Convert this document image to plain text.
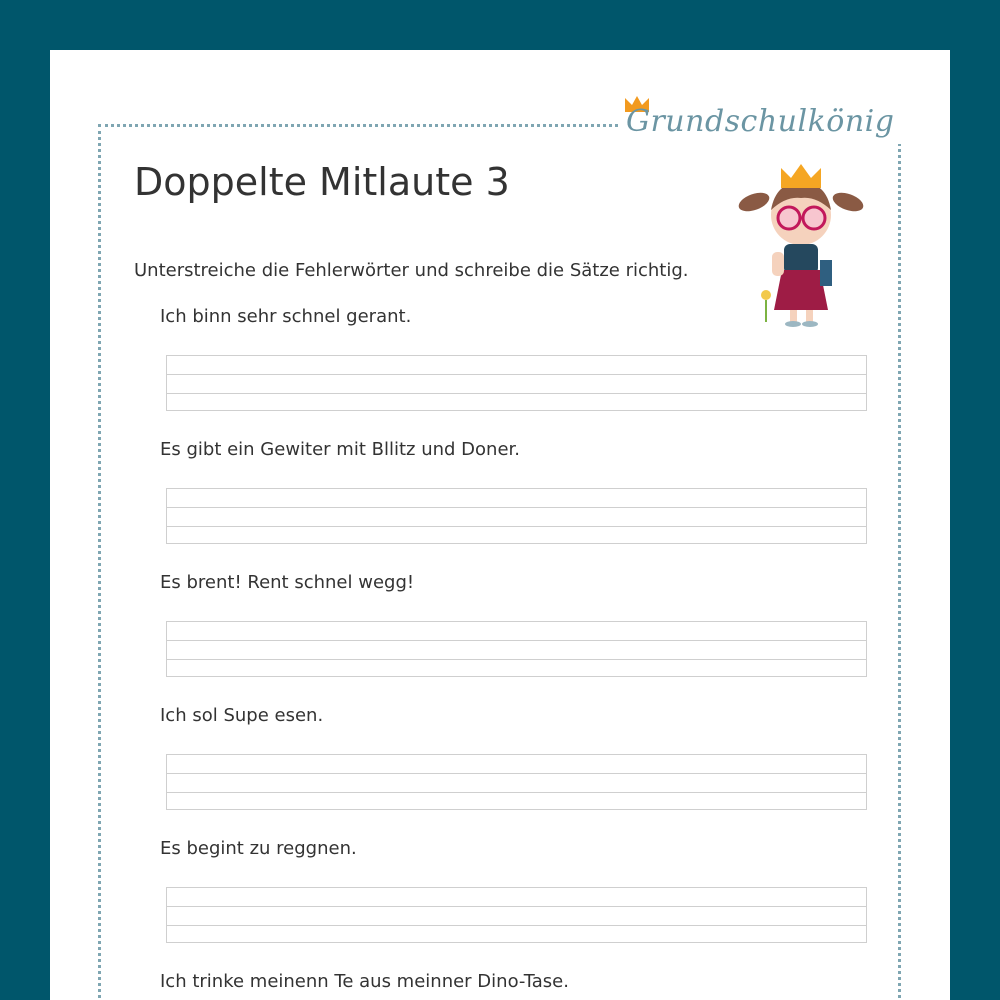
Grundschulkönig
Doppelte Mitlaute 3
Unterstreiche die Fehlerwörter und schreibe die Sätze richtig.
Ich binn sehr schnel gerant.
Es gibt ein Gewiter mit Bllitz und Doner.
Es brent! Rent schnel wegg!
Ich sol Supe esen.
Es begint zu reggnen.
Ich trinke meinenn Te aus meinner Dino-Tase.
